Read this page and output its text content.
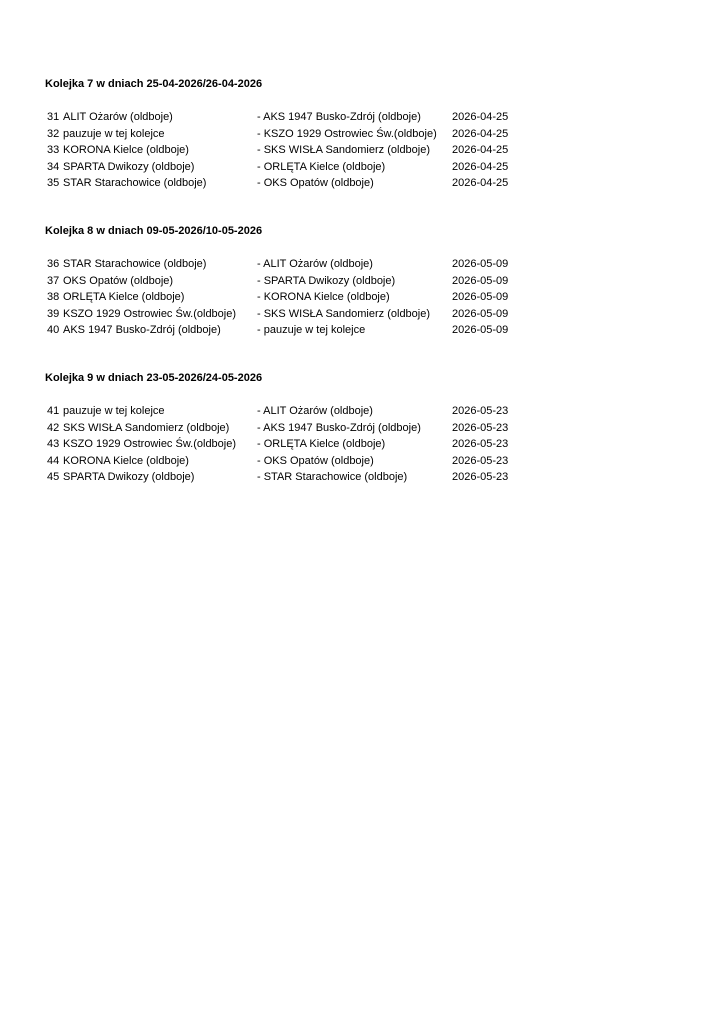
Kolejka 7 w dniach 25-04-2026/26-04-2026
31 ALIT Ożarów (oldboje)	- AKS 1947 Busko-Zdrój (oldboje)	2026-04-25
32 pauzuje w tej kolejce	- KSZO 1929 Ostrowiec Św.(oldboje) 2026-04-25
33 KORONA Kielce (oldboje)	- SKS WISŁA Sandomierz (oldboje) 2026-04-25
34 SPARTA Dwikozy (oldboje)	- ORLĘTA Kielce (oldboje)	2026-04-25
35 STAR Starachowice (oldboje)	- OKS Opatów (oldboje)	2026-04-25
Kolejka 8 w dniach 09-05-2026/10-05-2026
36 STAR Starachowice (oldboje)	- ALIT Ożarów (oldboje)	2026-05-09
37 OKS Opatów (oldboje)	- SPARTA Dwikozy (oldboje)	2026-05-09
38 ORLĘTA Kielce (oldboje)	- KORONA Kielce (oldboje)	2026-05-09
39 KSZO 1929 Ostrowiec Św.(oldboje) - SKS WISŁA Sandomierz (oldboje) 2026-05-09
40 AKS 1947 Busko-Zdrój (oldboje)	- pauzuje w tej kolejce	2026-05-09
Kolejka 9 w dniach 23-05-2026/24-05-2026
41 pauzuje w tej kolejce	- ALIT Ożarów (oldboje)	2026-05-23
42 SKS WISŁA Sandomierz (oldboje)	- AKS 1947 Busko-Zdrój (oldboje)	2026-05-23
43 KSZO 1929 Ostrowiec Św.(oldboje) - ORLĘTA Kielce (oldboje)	2026-05-23
44 KORONA Kielce (oldboje)	- OKS Opatów (oldboje)	2026-05-23
45 SPARTA Dwikozy (oldboje)	- STAR Starachowice (oldboje)	2026-05-23
